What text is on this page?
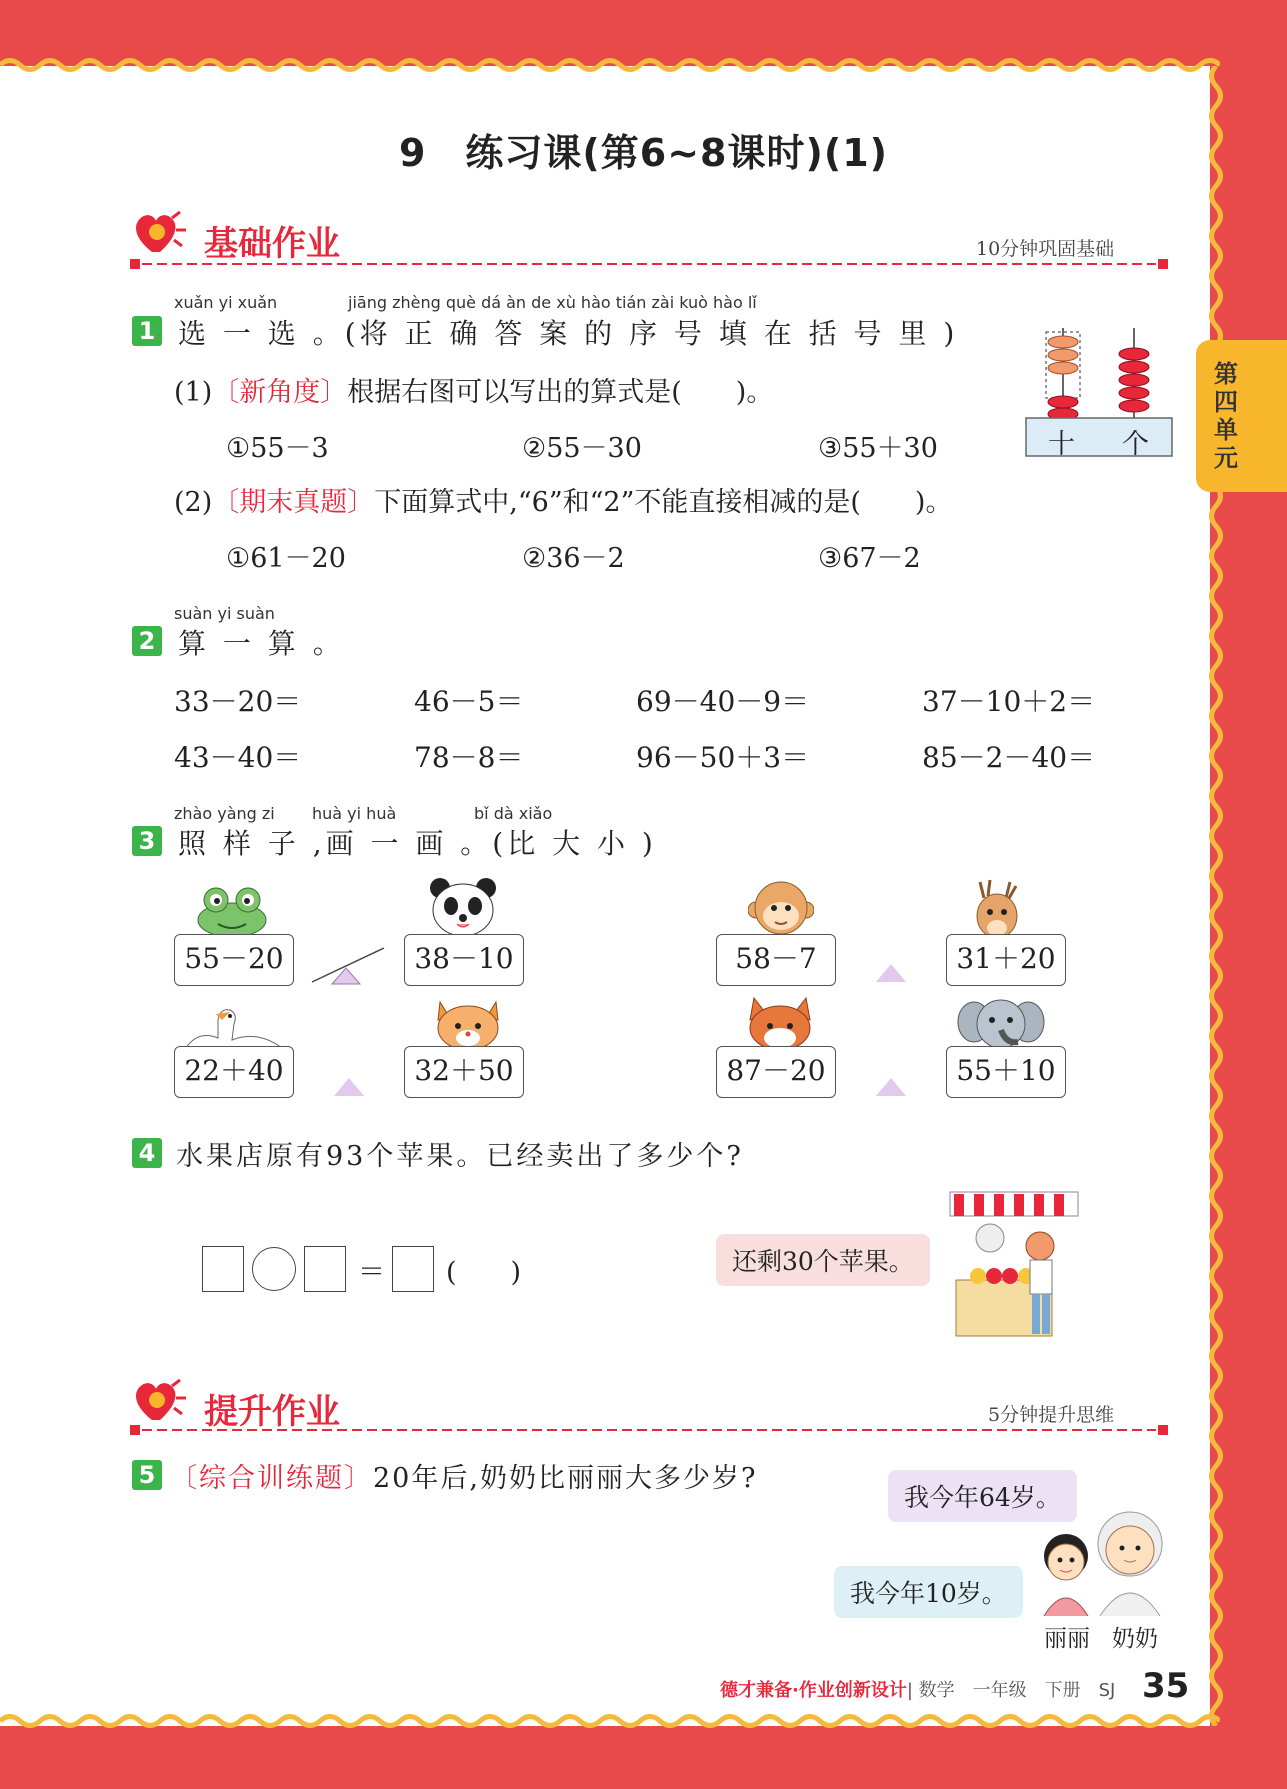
第
四
单
元
9　练习课(第6~8课时)(1)
基础作业	10分钟巩固基础
xuǎn yi xuǎn	jiāng zhèng què dá àn de xù hào tián zài kuò hào lǐ
1 选 一 选 。(将 正 确 答 案 的 序 号 填 在 括 号 里 )
(1)〔新角度〕根据右图可以写出的算式是(　　)。
①55－3	②55－30	③55＋30
(2)〔期末真题〕下面算式中,“6”和“2”不能直接相减的是(　　)。
①61－20	②36－2	③67－2
十 个
suàn yi suàn
2 算 一 算 。
33－20＝	46－5＝	69－40－9＝	37－10＋2＝
43－40＝	78－8＝	96－50＋3＝	85－2－40＝
zhào yàng zi huà yi huà	bǐ dà xiǎo
3 照 样 子 ,画 一 画 。(比 大 小 )
55－20	38－10	58－7	31＋20
22＋40	32＋50	87－20	55＋10
4 水果店原有93个苹果。已经卖出了多少个?
＝ (　　)	还剩30个苹果。
提升作业	5分钟提升思维
5 〔综合训练题〕20年后,奶奶比丽丽大多少岁?
我今年64岁。
我今年10岁。
丽丽 奶奶
德才兼备·作业创新设计| 数学　一年级　下册　SJ 35
